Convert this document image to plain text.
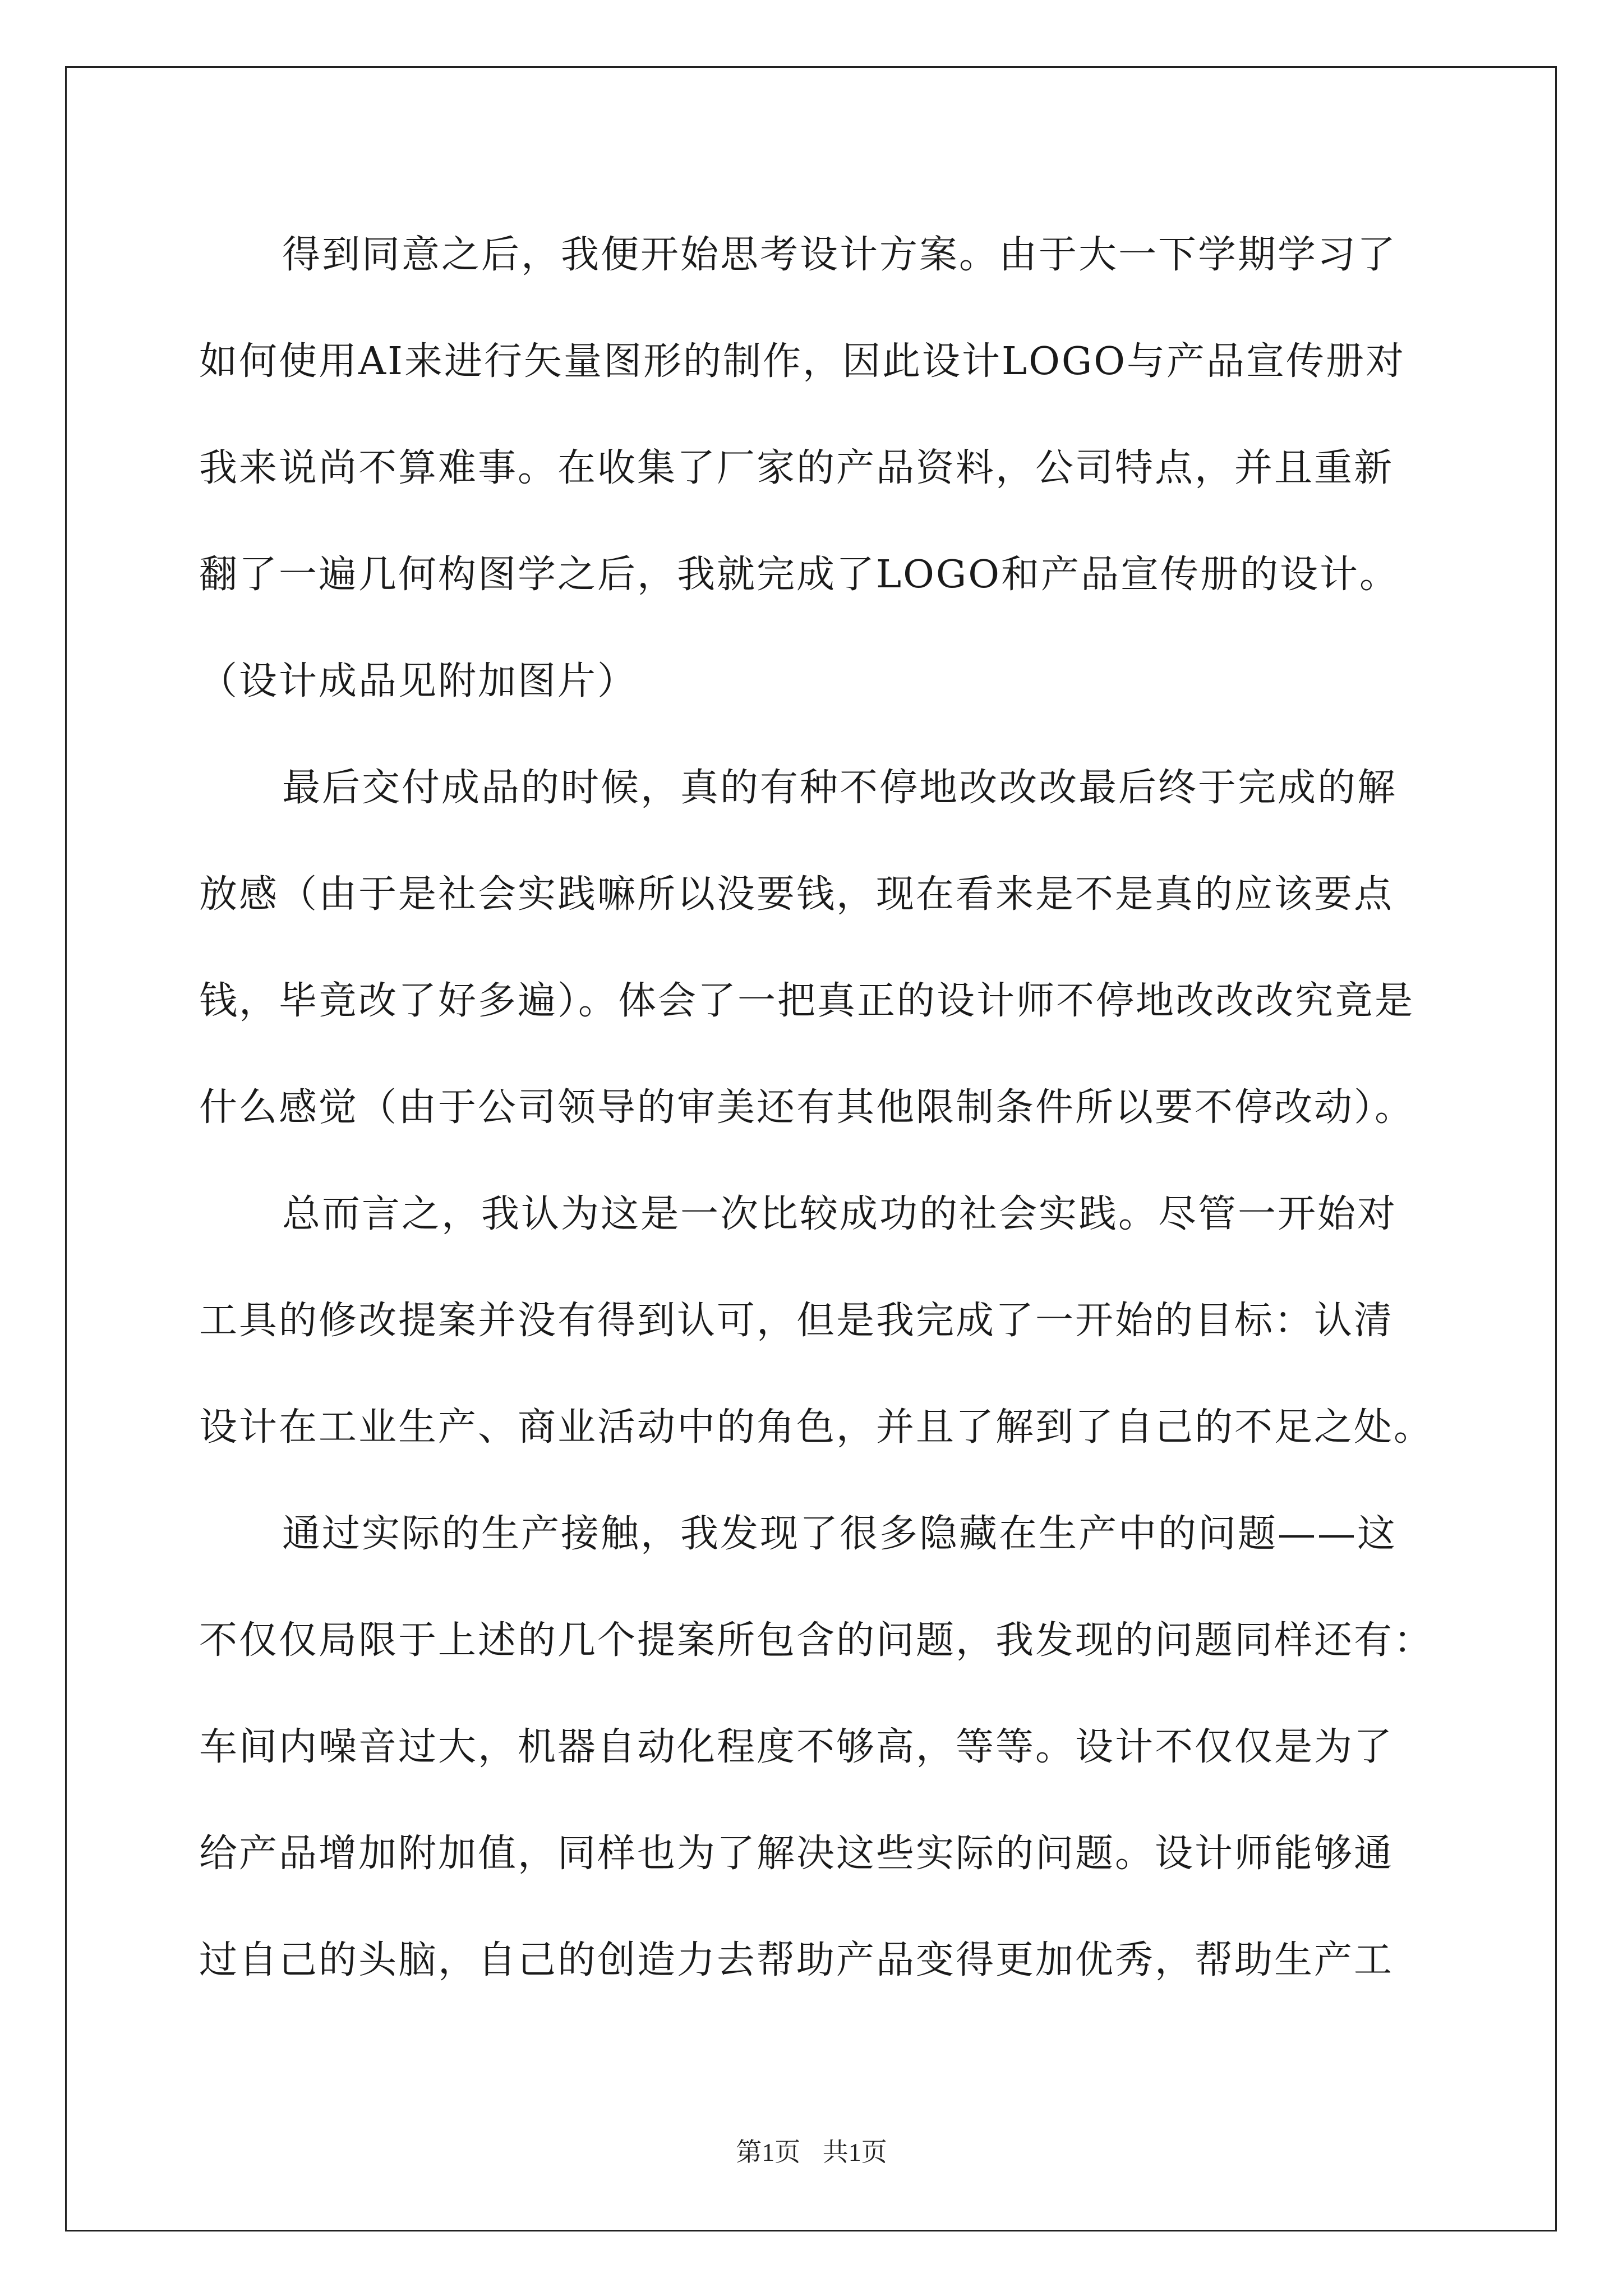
得到同意之后，我便开始思考设计方案。由于大一下学期学习了
如何使用AI来进行矢量图形的制作，因此设计LOGO与产品宣传册对
我来说尚不算难事。在收集了厂家的产品资料，公司特点，并且重新
翻了一遍几何构图学之后，我就完成了LOGO和产品宣传册的设计。
（设计成品见附加图片）
最后交付成品的时候，真的有种不停地改改改最后终于完成的解
放感（由于是社会实践嘛所以没要钱，现在看来是不是真的应该要点
钱，毕竟改了好多遍）。体会了一把真正的设计师不停地改改改究竟是
什么感觉（由于公司领导的审美还有其他限制条件所以要不停改动）。
总而言之，我认为这是一次比较成功的社会实践。尽管一开始对
工具的修改提案并没有得到认可，但是我完成了一开始的目标：认清
设计在工业生产、商业活动中的角色，并且了解到了自己的不足之处。
通过实际的生产接触，我发现了很多隐藏在生产中的问题——这
不仅仅局限于上述的几个提案所包含的问题，我发现的问题同样还有：
车间内噪音过大，机器自动化程度不够高，等等。设计不仅仅是为了
给产品增加附加值，同样也为了解决这些实际的问题。设计师能够通
过自己的头脑，自己的创造力去帮助产品变得更加优秀，帮助生产工
第1页 共1页
